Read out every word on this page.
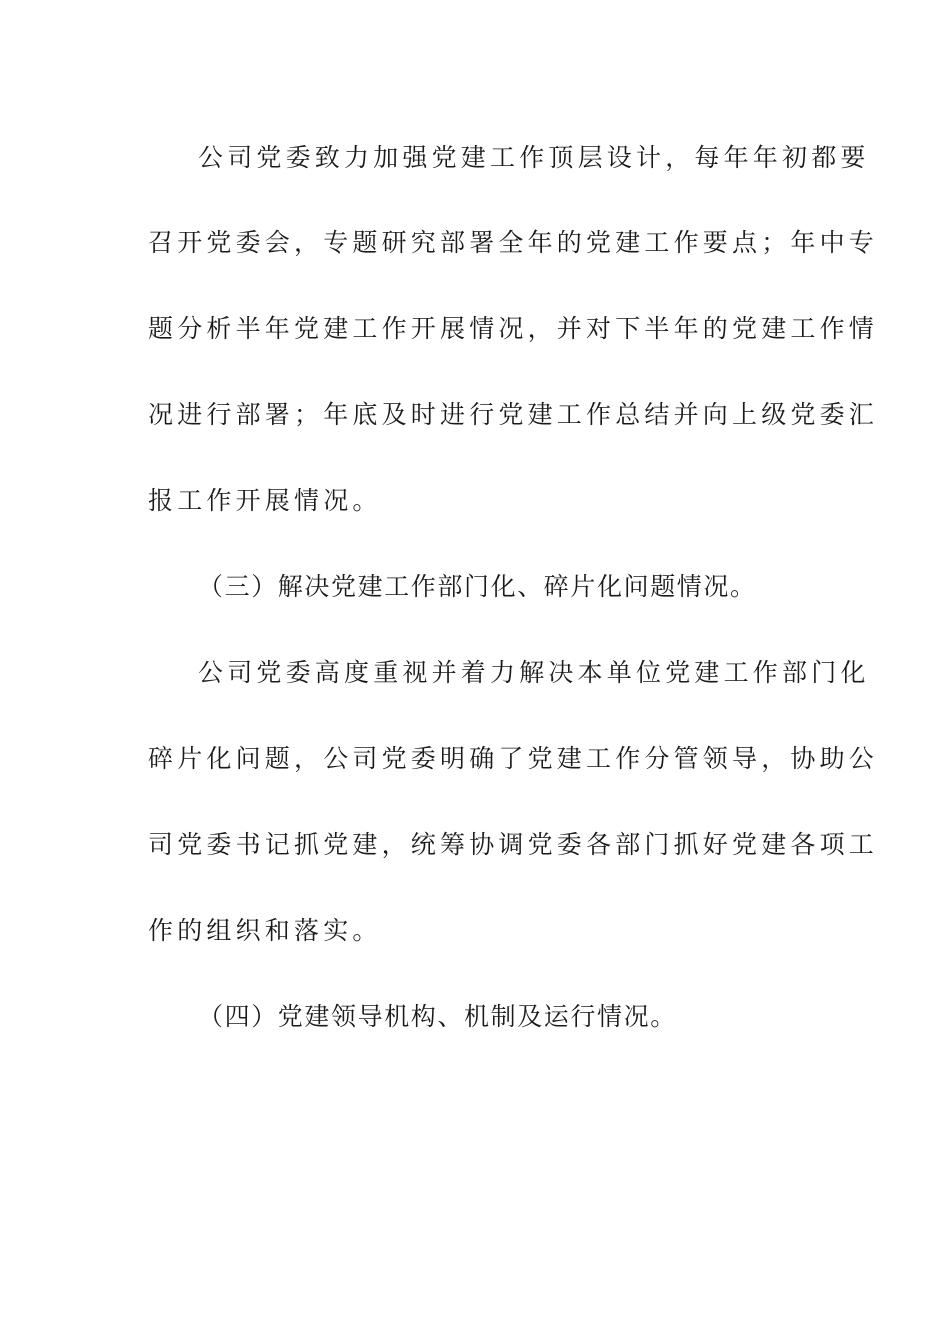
公司党委致力加强党建工作顶层设计，每年年初都要

召开党委会，专题研究部署全年的党建工作要点；年中专

题分析半年党建工作开展情况，并对下半年的党建工作情

况进行部署；年底及时进行党建工作总结并向上级党委汇

报工作开展情况。

（三）解决党建工作部门化、碎片化问题情况。

公司党委高度重视并着力解决本单位党建工作部门化

碎片化问题，公司党委明确了党建工作分管领导，协助公

司党委书记抓党建，统筹协调党委各部门抓好党建各项工

作的组织和落实。

（四）党建领导机构、机制及运行情况。
